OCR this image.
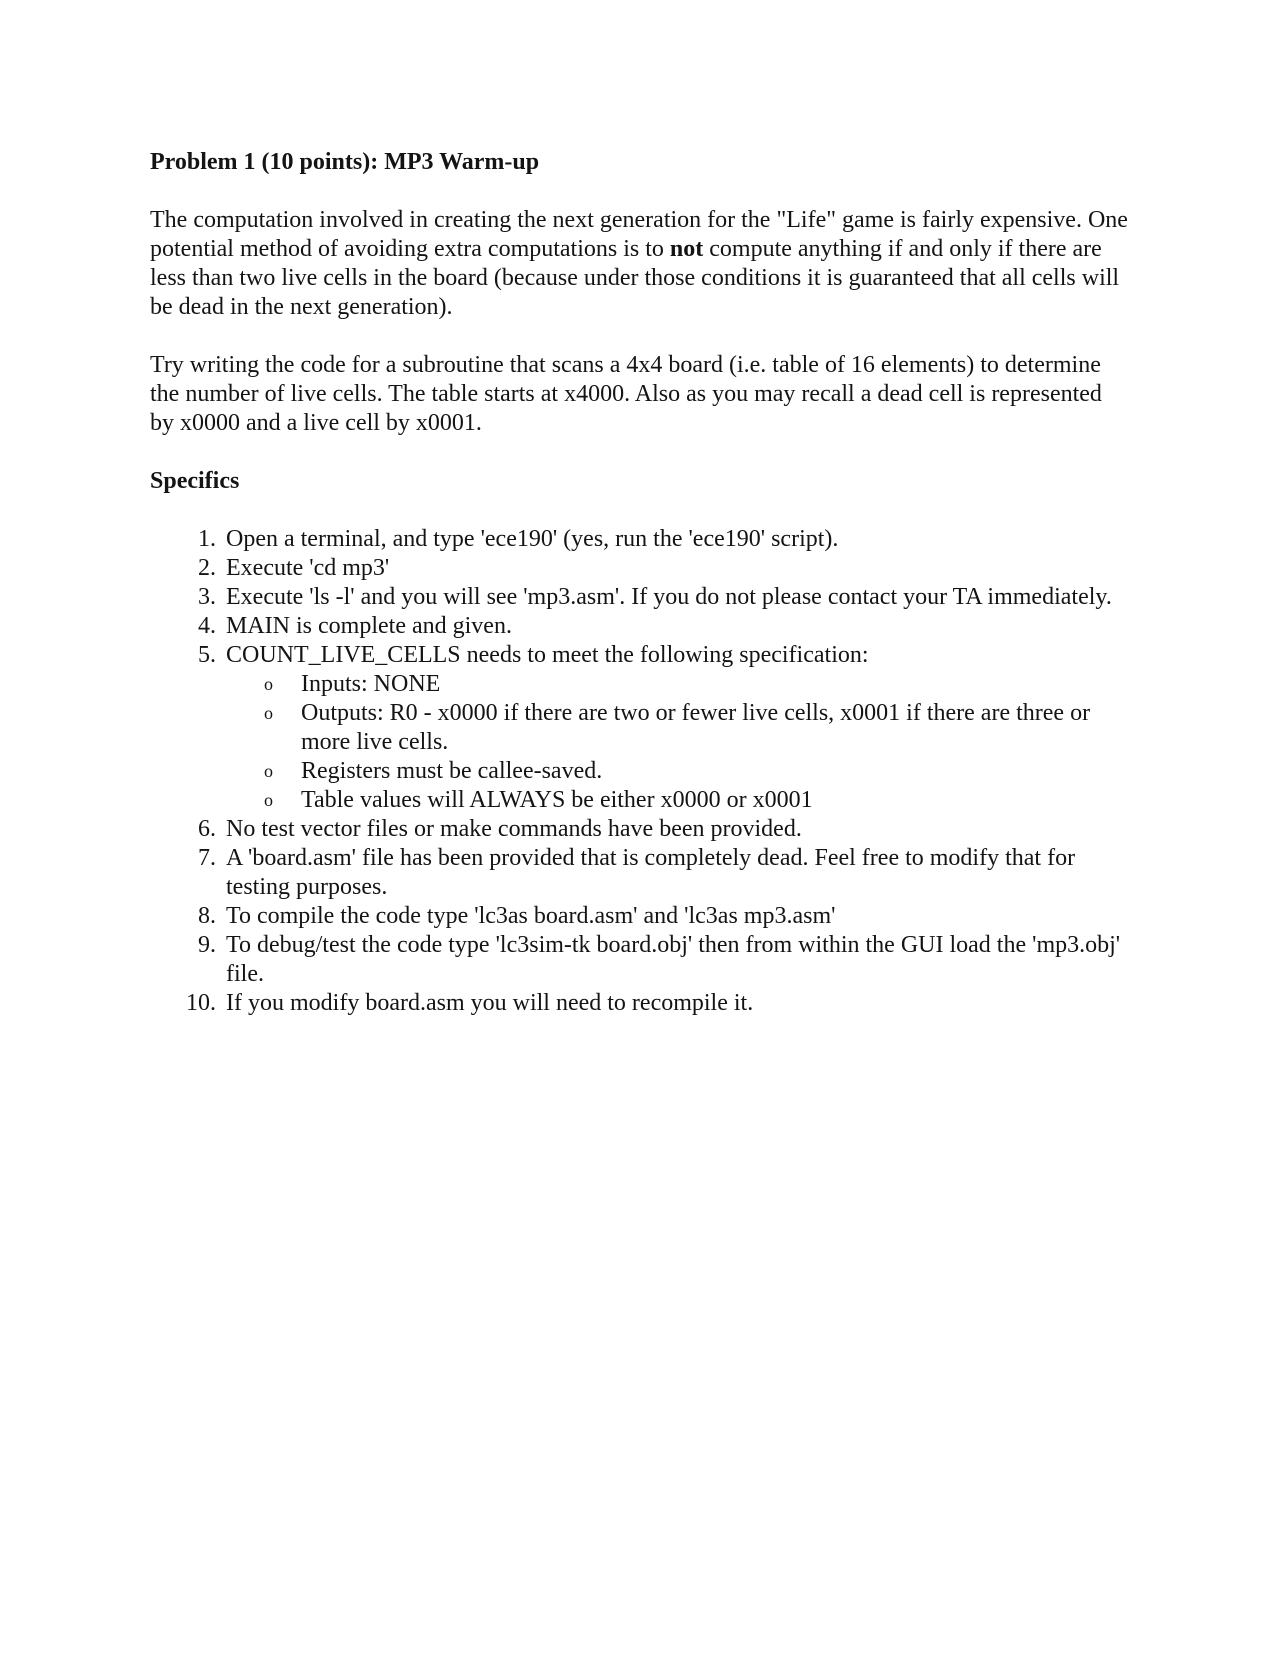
Problem 1 (10 points): MP3 Warm-up

The computation involved in creating the next generation for the "Life" game is fairly expensive. One potential method of avoiding extra computations is to not compute anything if and only if there are less than two live cells in the board (because under those conditions it is guaranteed that all cells will be dead in the next generation).

Try writing the code for a subroutine that scans a 4x4 board (i.e. table of 16 elements) to determine the number of live cells. The table starts at x4000. Also as you may recall a dead cell is represented by x0000 and a live cell by x0001.

Specifics

1. Open a terminal, and type 'ece190' (yes, run the 'ece190' script).
2. Execute 'cd mp3'
3. Execute 'ls -l' and you will see 'mp3.asm'. If you do not please contact your TA immediately.
4. MAIN is complete and given.
5. COUNT_LIVE_CELLS needs to meet the following specification:
o Inputs: NONE
o Outputs: R0 - x0000 if there are two or fewer live cells, x0001 if there are three or more live cells.
o Registers must be callee-saved.
o Table values will ALWAYS be either x0000 or x0001
6. No test vector files or make commands have been provided.
7. A 'board.asm' file has been provided that is completely dead. Feel free to modify that for testing purposes.
8. To compile the code type 'lc3as board.asm' and 'lc3as mp3.asm'
9. To debug/test the code type 'lc3sim-tk board.obj' then from within the GUI load the 'mp3.obj' file.
10. If you modify board.asm you will need to recompile it.
